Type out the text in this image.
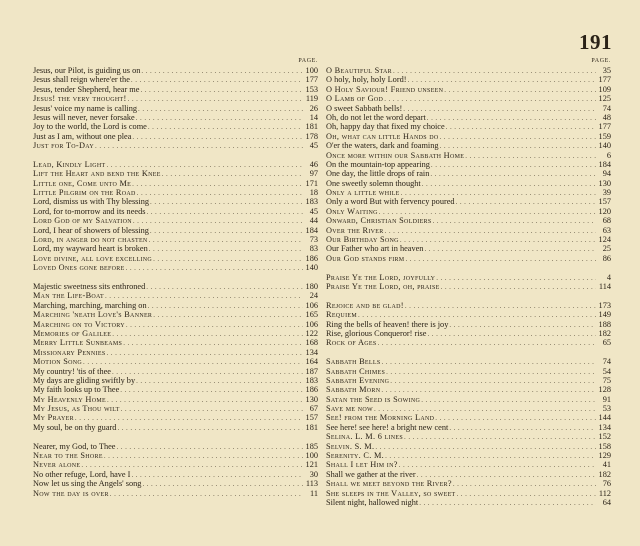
191
PAGE.
Jesus, our Pilot, is guiding us on . . .	100
Jesus shall reign where'er the . . .	177
Jesus, tender Shepherd, hear me . . .	153
Jesus! the very thought! . . .	119
Jesus' voice my name is calling . . .	26
Jesus will never, never forsake . . .	14
Joy to the world, the Lord is come . . .	181
Just as I am, without one plea . . .	178
Just for To-Day . . .	45
Lead, Kindly Light . . .	46
Lift the Heart and bend the Knee . . .	97
Little one, Come unto Me . . .	171
Little Pilgrim on the Road . . .	18
Lord, dismiss us with Thy blessing . . .	183
Lord, for to-morrow and its needs . . .	45
Lord God of my Salvation . . .	44
Lord, I hear of showers of blessing . . .	184
Lord, in anger do not chasten . . .	73
Lord, my wayward heart is broken . . .	83
Love divine, all love excelling . . .	186
Loved Ones gone before . . .	140
Majestic sweetness sits enthroned . . .	180
Man the Life-Boat . . .	24
Marching, marching, marching on . . .	106
Marching 'neath Love's Banner . . .	165
Marching on to Victory . . .	106
Memories of Galilee . . .	122
Merry Little Sunbeams . . .	168
Missionary Pennies . . .	134
Motion Song . . .	164
My country! 'tis of thee . . .	187
My days are gliding swiftly by . . .	183
My faith looks up to Thee . . .	186
My Heavenly Home . . .	130
My Jesus, as Thou wilt . . .	67
My Prayer . . .	157
My soul, be on thy guard . . .	181
Nearer, my God, to Thee . . .	185
Near to the Shore . . .	100
Never alone . . .	121
No other refuge, Lord, have I . . .	30
Now let us sing the Angels' song . . .	113
Now the day is over . . .	11
PAGE.
O Beautiful Star . . .	35
O holy, holy, holy Lord! . . .	177
O Holy Saviour! Friend unseen . . .	109
O Lamb of God . . .	125
O sweet Sabbath bells! . . .	74
Oh, do not let the word depart . . .	48
Oh, happy day that fixed my choice . . .	177
Oh, what can little Hands do . . .	159
O'er the waters, dark and foaming . . .	140
Once more within our Sabbath Home . . .	6
On the mountain-top appearing . . .	184
One day, the little drops of rain . . .	94
One sweetly solemn thought . . .	130
Only a little while . . .	39
Only a word But with fervency poured . . .	157
Only Waiting . . .	120
Onward, Christian Soldiers . . .	68
Over the River . . .	63
Our Birthday Song . . .	124
Our Father who art in heaven . . .	25
Our God stands firm . . .	86
Praise Ye the Lord, joyfully . . .	4
Praise Ye the Lord, oh, praise . . .	114
Rejoice and be glad! . . .	173
Requiem . . .	149
Ring the bells of heaven! there is joy . . .	188
Rise, glorious Conqueror! rise . . .	182
Rock of Ages . . .	65
Sabbath Bells . . .	74
Sabbath Chimes . . .	54
Sabbath Evening . . .	75
Sabbath Morn . . .	128
Satan the Seed is Sowing . . .	91
Save me now . . .	53
See! from the Morning Land . . .	144
See here! see here! a bright new cent . . .	134
Selina. L. M. 6 lines . . .	152
Selvin. S. M. . . .	158
Serenity. C. M. . . .	129
Shall I let Him in? . . .	41
Shall we gather at the river . . .	182
Shall we meet beyond the River? . . .	76
She sleeps in the Valley, so sweet . . .	112
Silent night, hallowed night . . .	64
